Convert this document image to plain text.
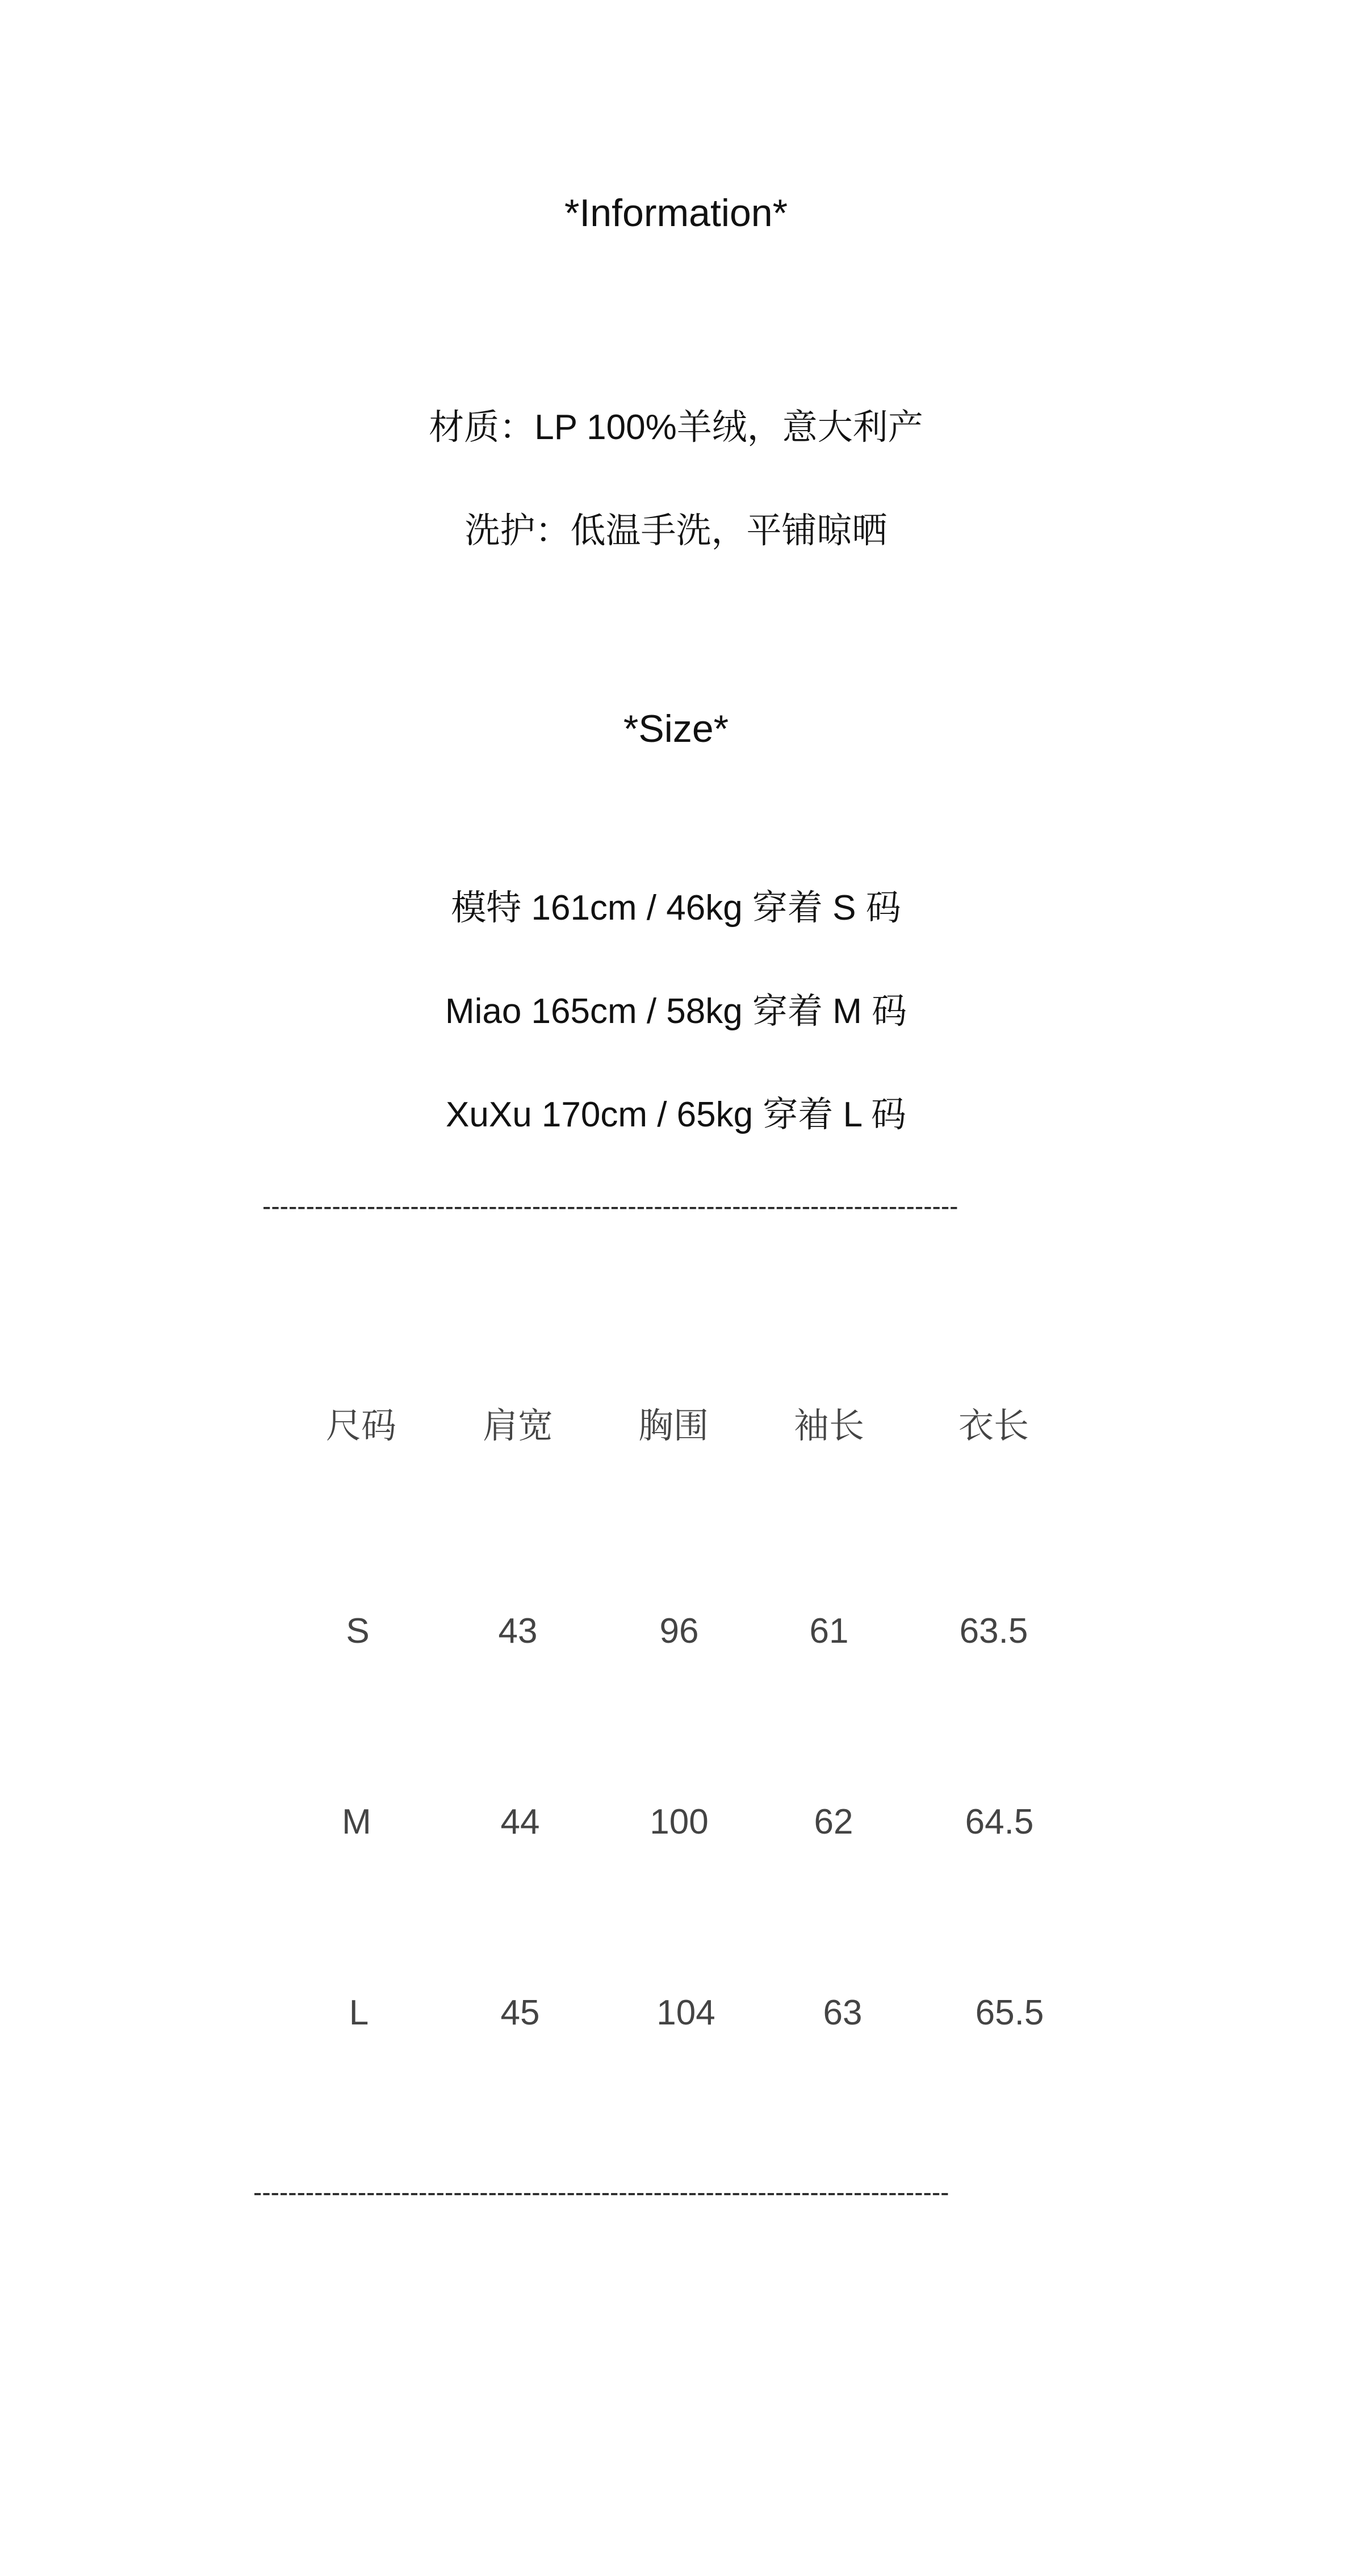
*Information*
材质：LP 100%羊绒，意大利产
洗护：低温手洗，平铺晾晒
*Size*
模特 161cm / 46kg 穿着 S 码
Miao 165cm / 58kg 穿着 M 码
XuXu 170cm / 65kg 穿着 L 码
--------------------------------------------------------------------------------
尺码	肩宽	胸围	袖长	衣长
S	43	96	61	63.5
M	44	100	62	64.5
L	45	104	63	65.5
--------------------------------------------------------------------------------
